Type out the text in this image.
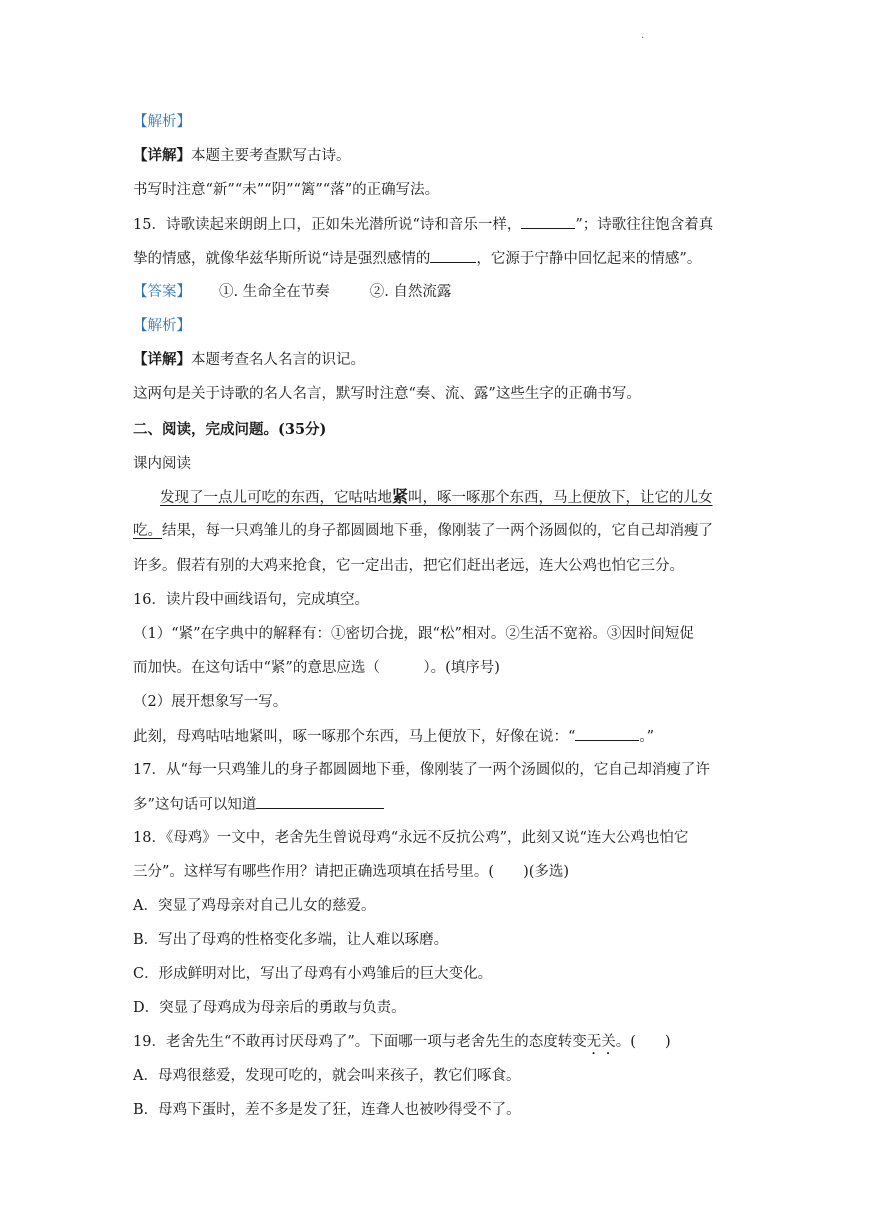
.
【解析】
【详解】本题主要考查默写古诗。
书写时注意“新”“未”“阴”“篱”“落”的正确写法。
15．诗歌读起来朗朗上口，正如朱光潜所说“诗和音乐一样，	”；诗歌往往饱含着真
挚的情感，就像华兹华斯所说“诗是强烈感情的	，它源于宁静中回忆起来的情感”。
【答案】 ①. 生命全在节奏	②. 自然流露
【解析】
【详解】本题考查名人名言的识记。
这两句是关于诗歌的名人名言，默写时注意“奏、流、露”这些生字的正确书写。
二、阅读，完成问题。(35分)
课内阅读
发现了一点儿可吃的东西，它咕咕地紧叫，啄一啄那个东西，马上便放下，让它的儿女
吃。结果，每一只鸡雏儿的身子都圆圆地下垂，像刚装了一两个汤圆似的，它自己却消瘦了
许多。假若有别的大鸡来抢食，它一定出击，把它们赶出老远，连大公鸡也怕它三分。
16．读片段中画线语句，完成填空。
（1）“紧”在字典中的解释有：①密切合拢，跟“松”相对。②生活不宽裕。③因时间短促
而加快。在这句话中“紧”的意思应选（　　　）。(填序号)
（2）展开想象写一写。
此刻，母鸡咕咕地紧叫，啄一啄那个东西，马上便放下，好像在说：“	。”
17．从“每一只鸡雏儿的身子都圆圆地下垂，像刚装了一两个汤圆似的，它自己却消瘦了许
多”这句话可以知道
18．《母鸡》一文中，老舍先生曾说母鸡“永远不反抗公鸡”，此刻又说“连大公鸡也怕它
三分”。这样写有哪些作用？请把正确选项填在括号里。(　　)(多选)
A．突显了鸡母亲对自己儿女的慈爱。
B．写出了母鸡的性格变化多端，让人难以琢磨。
C．形成鲜明对比，写出了母鸡有小鸡雏后的巨大变化。
D．突显了母鸡成为母亲后的勇敢与负责。
19．老舍先生“不敢再讨厌母鸡了”。下面哪一项与老舍先生的态度转变无关。(　　)
A．母鸡很慈爱，发现可吃的，就会叫来孩子，教它们啄食。
B．母鸡下蛋时，差不多是发了狂，连聋人也被吵得受不了。
